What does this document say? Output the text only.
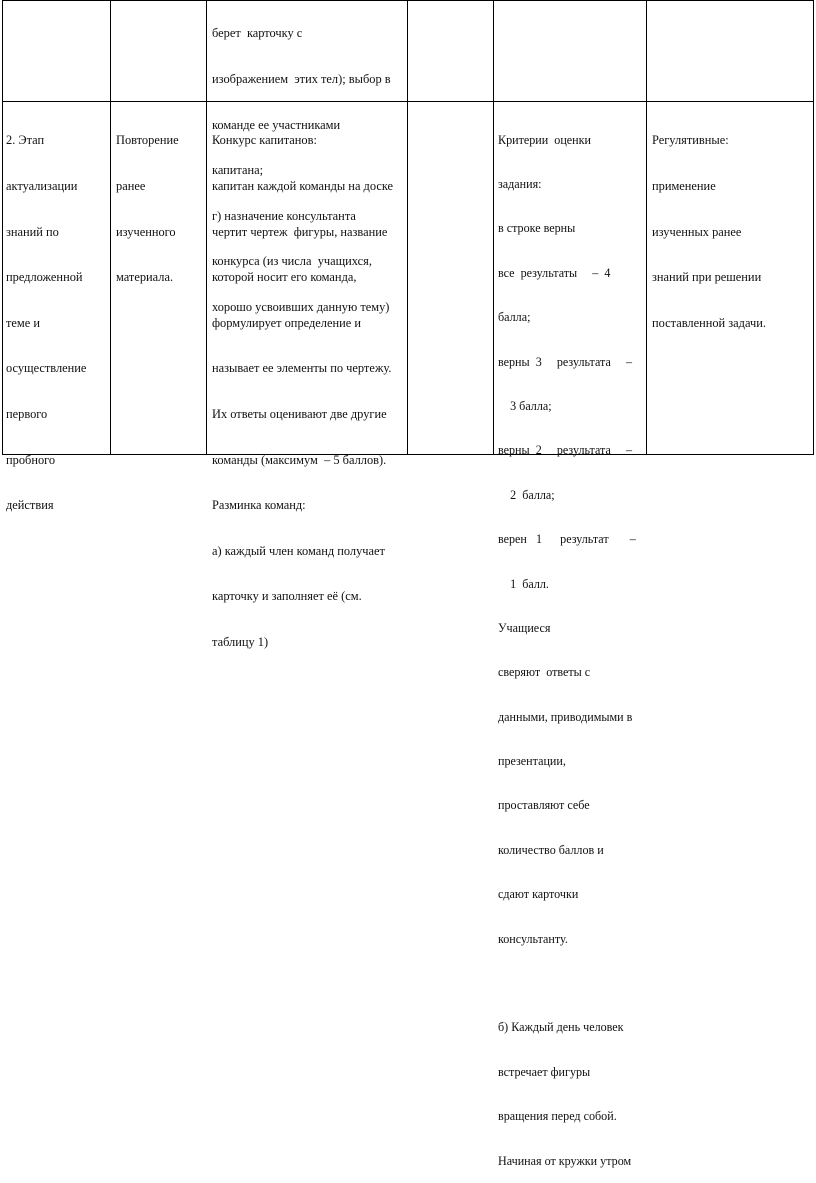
берет  карточку с

изображением  этих тел); выбор в

команде ее участниками

капитана;

г) назначение консультанта

конкурса (из числа  учащихся,

хорошо усвоивших данную тему)

2. Этап

актуализации

знаний по

предложенной

теме и

осуществление

первого

пробного

действия

Повторение

ранее

изученного

материала.

Конкурс капитанов:

капитан каждой команды на доске

чертит чертеж  фигуры, название

которой носит его команда,

формулирует определение и

называет ее элементы по чертежу.

Их ответы оценивают две другие

команды (максимум  – 5 баллов).

Разминка команд:

а) каждый член команд получает

карточку и заполняет её (см.

таблицу 1)

Критерии  оценки

задания:

в строке верны

все  результаты     –  4

балла;

верны  3     результата     –

3 балла;

верны  2     результата     –

2  балла;

верен   1      результат       –

1  балл.

Учащиеся

сверяют  ответы с

данными, приводимыми в

презентации,

проставляют себе

количество баллов и

сдают карточки

консультанту.

б) Каждый день человек

встречает фигуры

вращения перед собой.

Начиная от кружки утром

Регулятивные:

применение

изученных ранее

знаний при решении

поставленной задачи.
